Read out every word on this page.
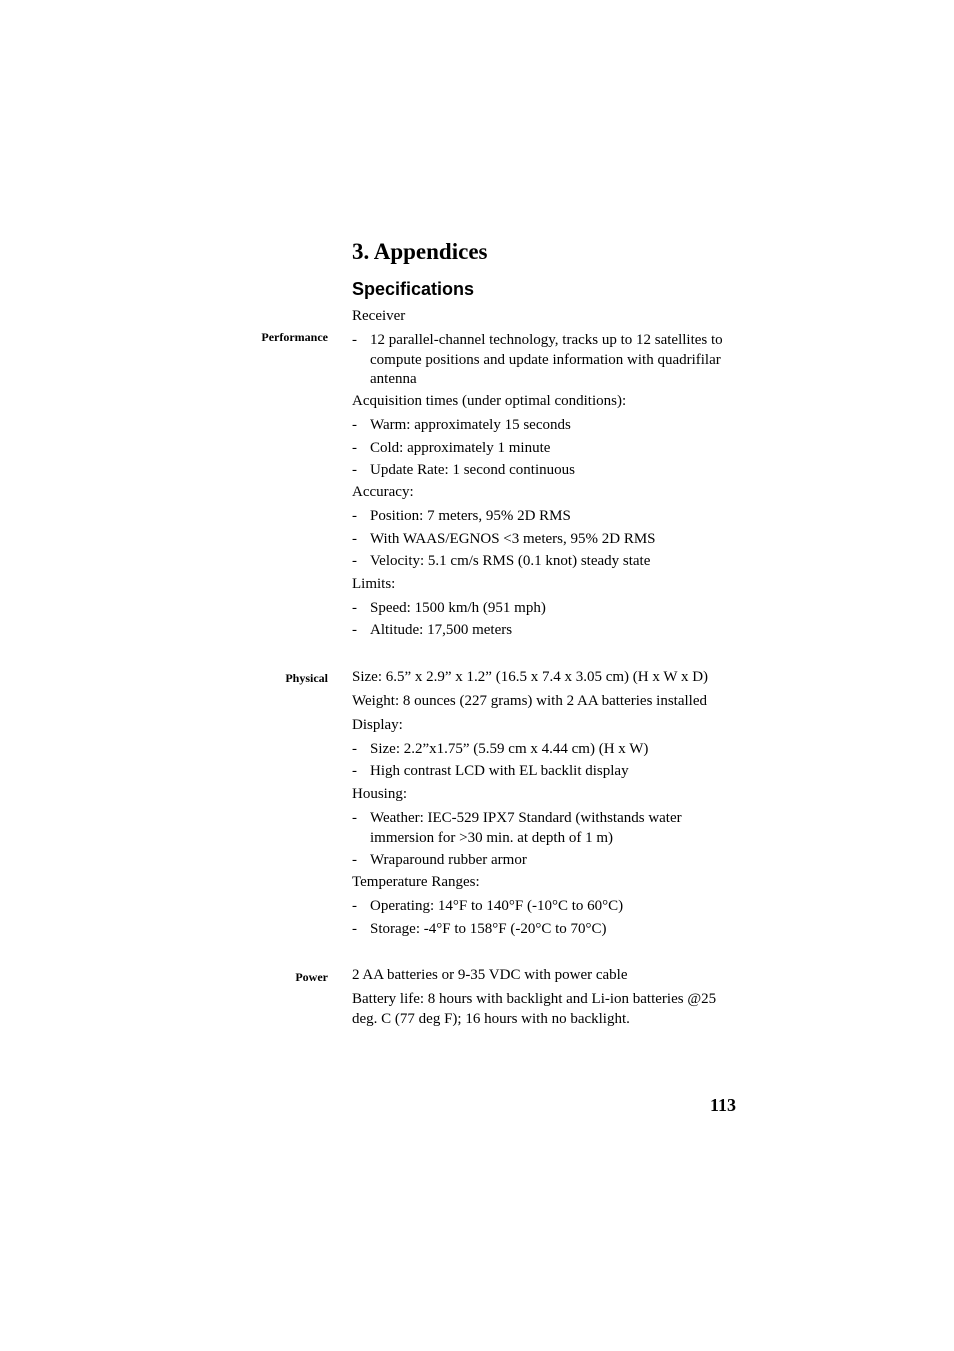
3. Appendices
Specifications
Performance
Physical
Power
Receiver
- 12 parallel-channel technology, tracks up to 12 satellites to compute positions and update information with quadrifilar antenna
Acquisition times (under optimal conditions):
- Warm: approximately 15 seconds
- Cold: approximately 1 minute
- Update Rate: 1 second continuous
Accuracy:
- Position: 7 meters, 95% 2D RMS
- With WAAS/EGNOS <3 meters, 95% 2D RMS
- Velocity: 5.1 cm/s RMS (0.1 knot) steady state
Limits:
- Speed: 1500 km/h (951 mph)
- Altitude: 17,500 meters
Size: 6.5” x 2.9” x 1.2” (16.5 x 7.4 x 3.05 cm) (H x W x D)
Weight: 8 ounces (227 grams) with 2 AA batteries installed
Display:
- Size: 2.2”x1.75” (5.59 cm x 4.44 cm) (H x W)
- High contrast LCD with EL backlit display
Housing:
- Weather: IEC-529 IPX7 Standard (withstands water immersion for >30 min. at depth of 1 m)
- Wraparound rubber armor
Temperature Ranges:
- Operating: 14°F to 140°F (-10°C to 60°C)
- Storage: -4°F to 158°F (-20°C to 70°C)
2 AA batteries or 9-35 VDC with power cable
Battery life: 8 hours with backlight and Li-ion batteries @25 deg. C (77 deg F); 16 hours with no backlight.
113
